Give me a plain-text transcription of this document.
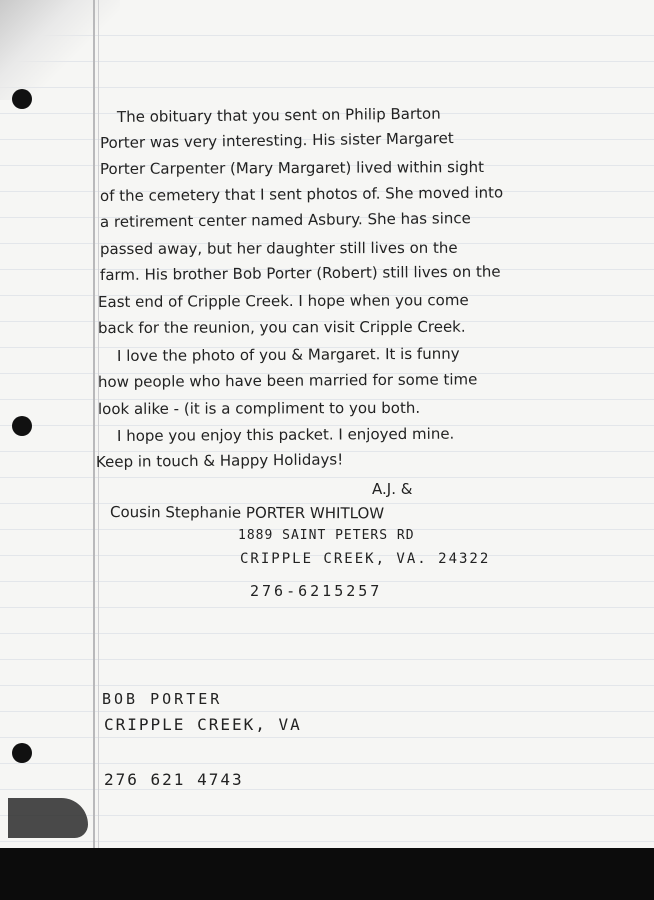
The obituary that you sent on Philip Barton

Porter was very interesting. His sister Margaret

Porter Carpenter (Mary Margaret) lived within sight

of the cemetery that I sent photos of. She moved into

a retirement center named Asbury. She has since

passed away, but her daughter still lives on the

farm. His brother Bob Porter (Robert) still lives on the

East end of Cripple Creek. I hope when you come

back for the reunion, you can visit Cripple Creek.

I love the photo of you & Margaret. It is funny

how people who have been married for some time

look alike - (it is a compliment to you both.

I hope you enjoy this packet. I enjoyed mine.

Keep in touch & Happy Holidays!

A.J. &

Cousin Stephanie PORTER WHITLOW

1889 SAINT PETERS RD

CRIPPLE CREEK, VA. 24322

276-6215257

BOB PORTER

CRIPPLE CREEK, VA

276 621 4743
